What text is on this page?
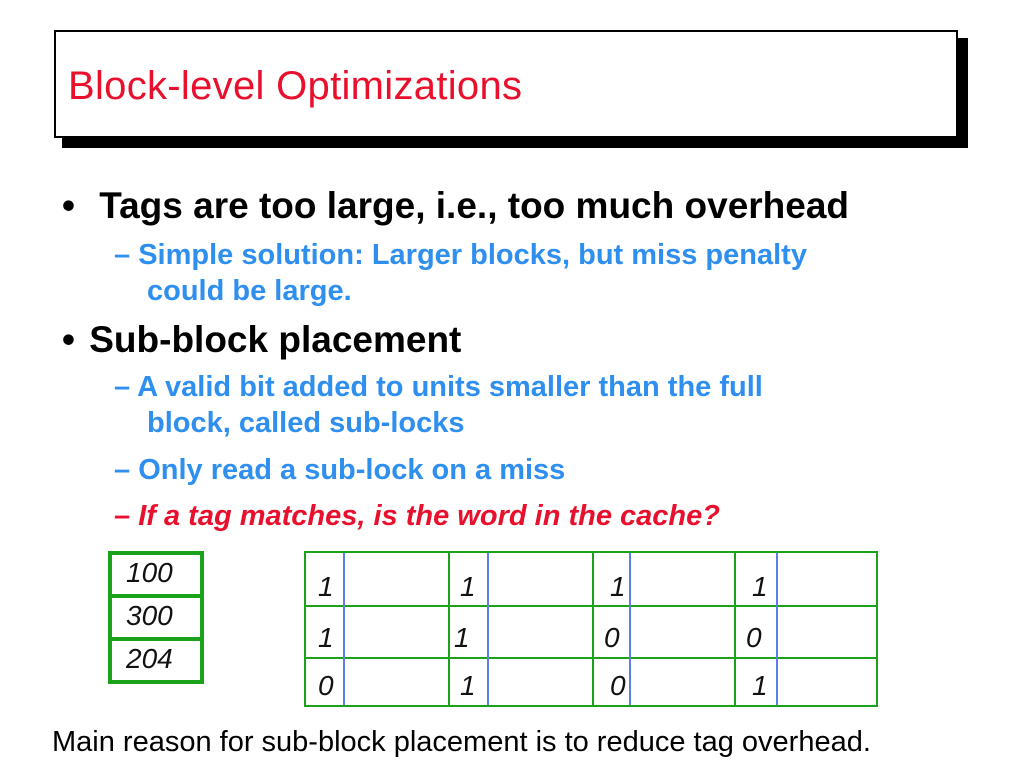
Block-level Optimizations
• Tags are too large, i.e., too much overhead
– Simple solution: Larger blocks, but miss penalty
could be large.
• Sub-block placement
– A valid bit added to units smaller than the full
block, called sub-locks
– Only read a sub-lock on a miss
– If a tag matches, is the word in the cache?
100
300
204
1	1	1	1
1	1	0	0
0	1	0	1
Main reason for sub-block placement is to reduce tag overhead.
